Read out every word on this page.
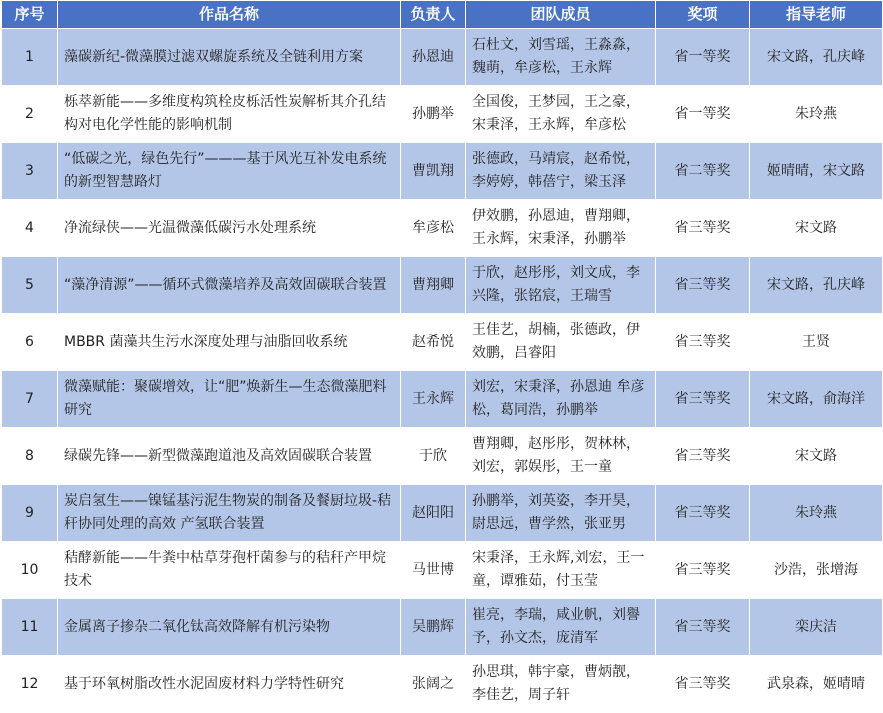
序号	作品名称	负责人	团队成员	奖项	指导老师
1	藻碳新纪-微藻膜过滤双螺旋系统及全链利用方案	孙恩迪	石杜文，刘雪瑶，王淼淼，魏萌，牟彦松，王永辉	省一等奖	宋文路，孔庆峰
2	栎萃新能——多维度构筑栓皮栎活性炭解析其介孔结构对电化学性能的影响机制	孙鹏举	全国俊，王梦园，王之豪，宋秉泽，王永辉，牟彦松	省一等奖	朱玲燕
3	“低碳之光，绿色先行”———基于风光互补发电系统的新型智慧路灯	曹凯翔	张德政，马靖宸，赵希悦，李婷婷，韩蓓宁，梁玉泽	省二等奖	姬晴晴，宋文路
4	净流绿侠——光温微藻低碳污水处理系统	牟彦松	伊效鹏，孙恩迪，曹翔卿，王永辉，宋秉泽，孙鹏举	省三等奖	宋文路
5	“藻净清源”——循环式微藻培养及高效固碳联合装置	曹翔卿	于欣，赵彤彤，刘文成，李兴隆，张铭宸，王瑞雪	省三等奖	宋文路，孔庆峰
6	MBBR 菌藻共生污水深度处理与油脂回收系统	赵希悦	王佳艺，胡楠，张德政，伊效鹏，吕睿阳	省三等奖	王贤
7	微藻赋能：聚碳增效，让“肥”焕新生—生态微藻肥料研究	王永辉	刘宏，宋秉泽，孙恩迪 牟彦松，葛同浩，孙鹏举	省三等奖	宋文路，俞海洋
8	绿碳先锋——新型微藻跑道池及高效固碳联合装置	于欣	曹翔卿，赵彤彤，贺林林，刘宏，郭娱彤，王一童	省三等奖	宋文路
9	炭启氢生——镍锰基污泥生物炭的制备及餐厨垃圾-秸秆协同处理的高效 产氢联合装置	赵阳阳	孙鹏举，刘英姿，李开昊，尉思远，曹学然，张亚男	省三等奖	朱玲燕
10	秸酵新能——牛粪中枯草芽孢杆菌参与的秸秆产甲烷技术	马世博	宋秉泽，王永辉,刘宏，王一童，谭雅茹，付玉莹	省三等奖	沙浩，张增海
11	金属离子掺杂二氧化钛高效降解有机污染物	吴鹏辉	崔亮，李瑞，咸业帆，刘譽予，孙文杰，庞清军	省三等奖	栾庆洁
12	基于环氧树脂改性水泥固废材料力学特性研究	张阔之	孙思琪，韩宇豪，曹炳靓，李佳艺，周子轩	省三等奖	武泉森，姬晴晴
